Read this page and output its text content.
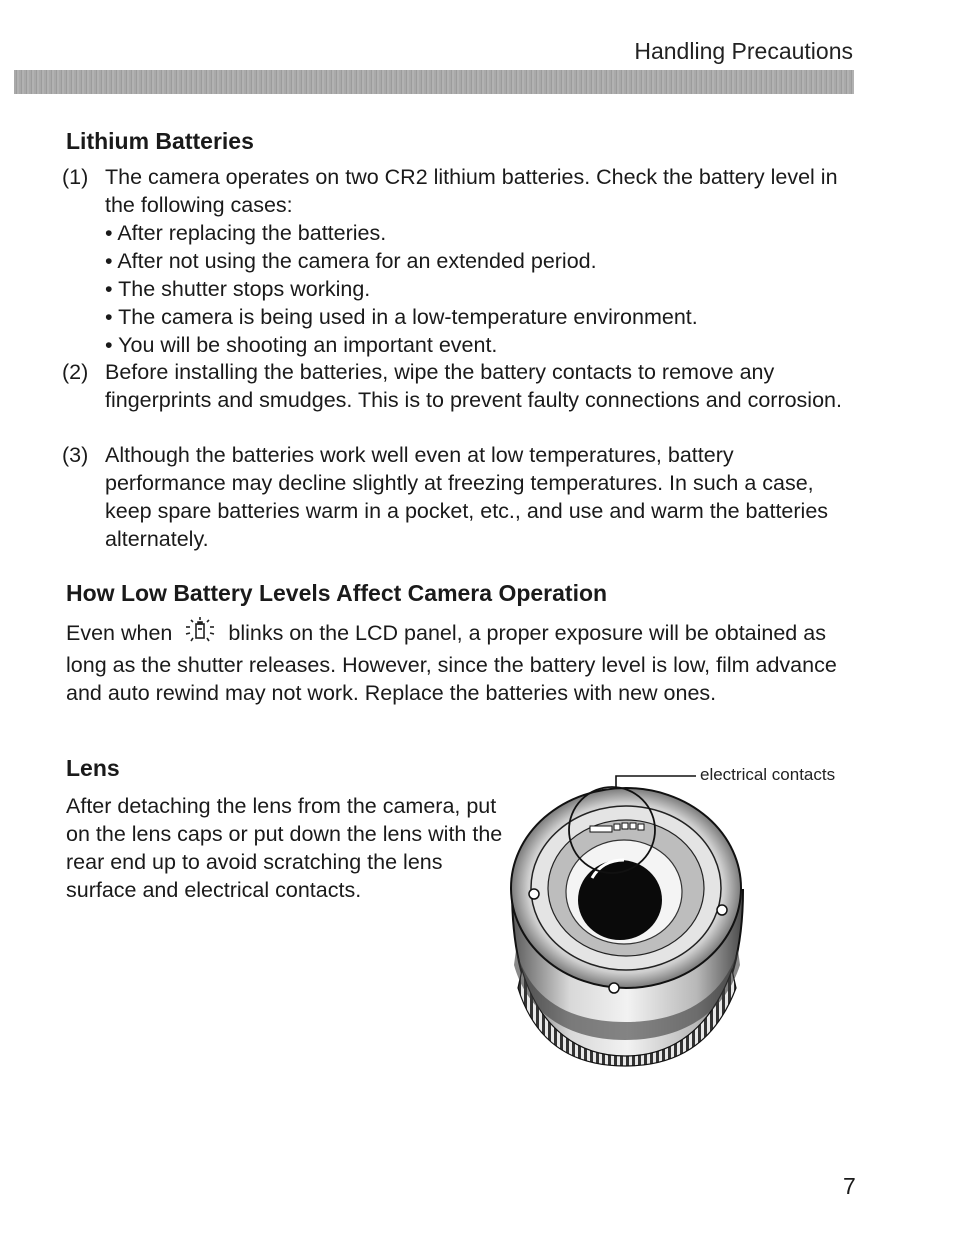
Handling Precautions
Lithium Batteries
(1) The camera operates on two CR2 lithium batteries. Check the battery level in the following cases:
• After replacing the batteries.
• After not using the camera for an extended period.
• The shutter stops working.
• The camera is being used in a low-temperature environment.
• You will be shooting an important event.
(2) Before installing the batteries, wipe the battery contacts to remove any fingerprints and smudges. This is to prevent faulty connections and corrosion.
(3) Although the batteries work well even at low temperatures, battery performance may decline slightly at freezing temperatures. In such a case, keep spare batteries warm in a pocket, etc., and use and warm the batteries alternately.
How Low Battery Levels Affect Camera Operation

Even when	blinks on the LCD panel, a proper exposure will be obtained as long as the shutter releases. However, since the battery level is low, film advance and auto rewind may not work. Replace the batteries with new ones.

Lens

After detaching the lens from the camera, put on the lens caps or put down the lens with the rear end up to avoid scratching the lens surface and electrical contacts.

electrical contacts
7
